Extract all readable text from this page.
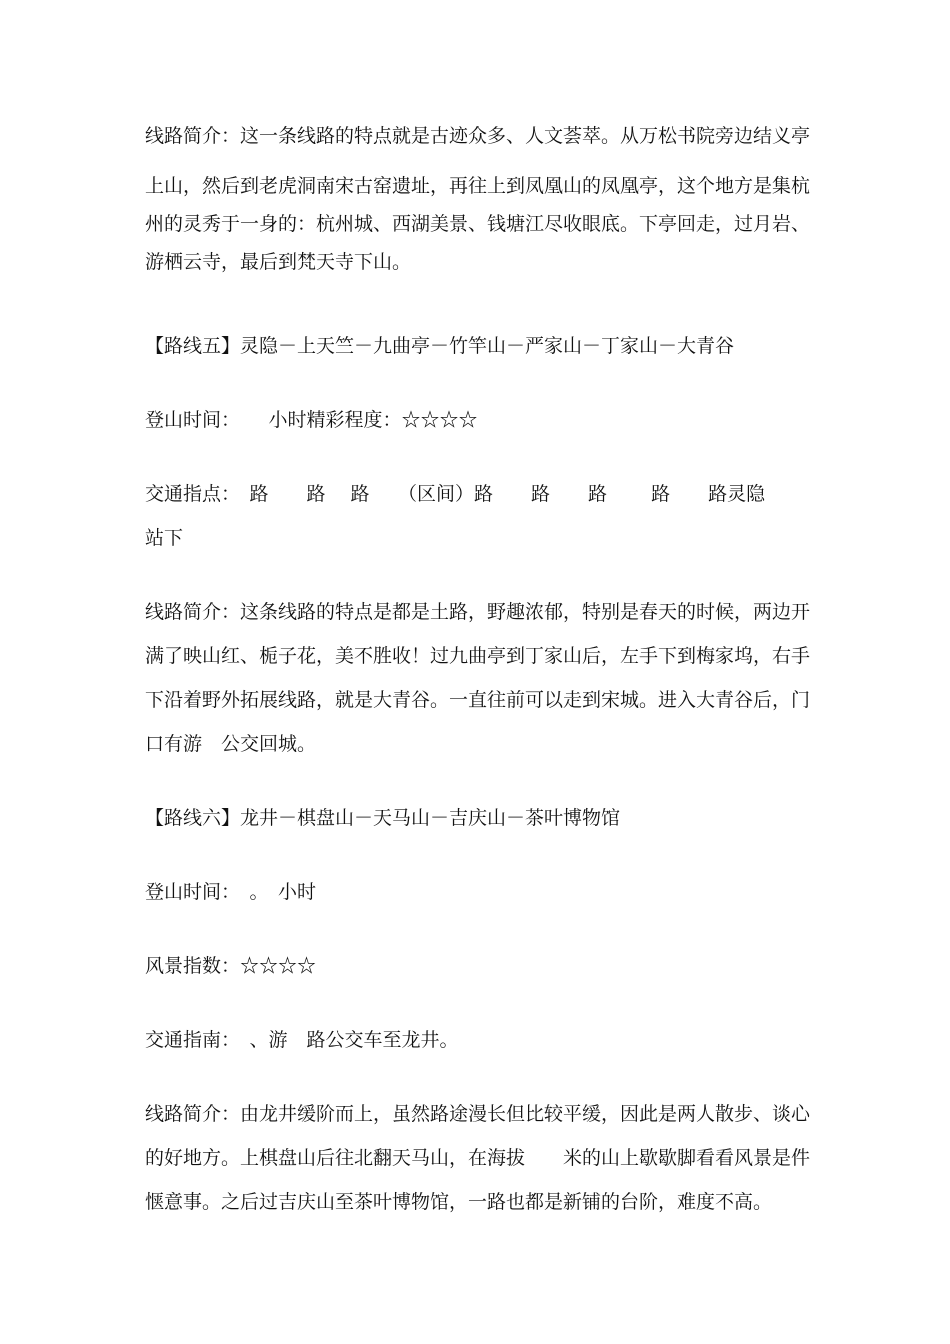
线路简介：这一条线路的特点就是古迹众多、人文荟萃。从万松书院旁边结义亭
上山，然后到老虎洞南宋古窑遗址，再往上到凤凰山的凤凰亭，这个地方是集杭
州的灵秀于一身的：杭州城、西湖美景、钱塘江尽收眼底。下亭回走，过月岩、
游栖云寺，最后到梵天寺下山。
【路线五】灵隐－上天竺－九曲亭－竹竿山－严家山－丁家山－大青谷
登山时间：　　小时精彩程度：☆☆☆☆
交通指点：　路　　路　 路　　（区间）路　　路　　路　　 路　　路灵隐
站下
线路简介：这条线路的特点是都是土路，野趣浓郁，特别是春天的时候，两边开
满了映山红、栀子花，美不胜收！过九曲亭到丁家山后，左手下到梅家坞，右手
下沿着野外拓展线路，就是大青谷。一直往前可以走到宋城。进入大青谷后，门
口有游　公交回城。
【路线六】龙井－棋盘山－天马山－吉庆山－茶叶博物馆
登山时间：　。　小时
风景指数：☆☆☆☆
交通指南：　、游　路公交车至龙井。
线路简介：由龙井缓阶而上，虽然路途漫长但比较平缓，因此是两人散步、谈心
的好地方。上棋盘山后往北翻天马山，在海拔　　米的山上歇歇脚看看风景是件
惬意事。之后过吉庆山至茶叶博物馆，一路也都是新铺的台阶，难度不高。
